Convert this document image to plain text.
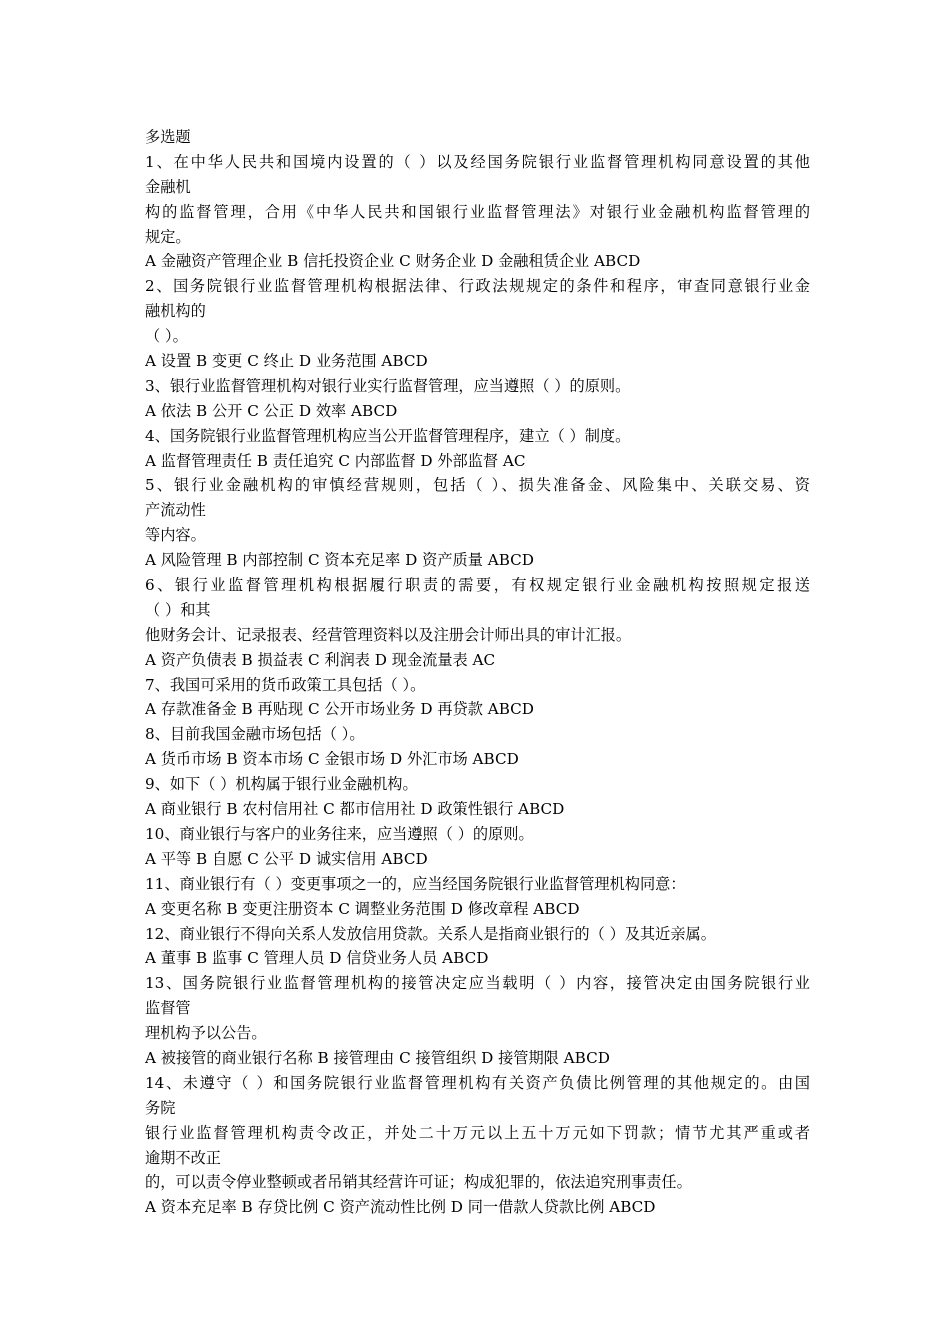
多选题
1、在中华人民共和国境内设置的（ ）以及经国务院银行业监督管理机构同意设置的其他
金融机
构的监督管理，合用《中华人民共和国银行业监督管理法》对银行业金融机构监督管理的
规定。
A 金融资产管理企业 B 信托投资企业 C 财务企业 D 金融租赁企业 ABCD
2、国务院银行业监督管理机构根据法律、行政法规规定的条件和程序，审查同意银行业金
融机构的
（ ）。
A 设置 B 变更 C 终止 D 业务范围 ABCD
3、银行业监督管理机构对银行业实行监督管理，应当遵照（ ）的原则。
A 依法 B 公开 C 公正 D 效率 ABCD
4、国务院银行业监督管理机构应当公开监督管理程序，建立（ ）制度。
A 监督管理责任 B 责任追究 C 内部监督 D 外部监督 AC
5、银行业金融机构的审慎经营规则，包括（ ）、损失准备金、风险集中、关联交易、资
产流动性
等内容。
A 风险管理 B 内部控制 C 资本充足率 D 资产质量 ABCD
6、银行业监督管理机构根据履行职责的需要，有权规定银行业金融机构按照规定报送
（ ）和其
他财务会计、记录报表、经营管理资料以及注册会计师出具的审计汇报。
A 资产负债表 B 损益表 C 利润表 D 现金流量表 AC
7、我国可采用的货币政策工具包括（ ）。
A 存款准备金 B 再贴现 C 公开市场业务 D 再贷款 ABCD
8、目前我国金融市场包括（ ）。
A 货币市场 B 资本市场 C 金银市场 D 外汇市场 ABCD
9、如下（ ）机构属于银行业金融机构。
A 商业银行 B 农村信用社 C 都市信用社 D 政策性银行 ABCD
10、商业银行与客户的业务往来，应当遵照（ ）的原则。
A 平等 B 自愿 C 公平 D 诚实信用 ABCD
11、商业银行有（ ）变更事项之一的，应当经国务院银行业监督管理机构同意：
A 变更名称 B 变更注册资本 C 调整业务范围 D 修改章程 ABCD
12、商业银行不得向关系人发放信用贷款。关系人是指商业银行的（ ）及其近亲属。
A 董事 B 监事 C 管理人员 D 信贷业务人员 ABCD
13、国务院银行业监督管理机构的接管决定应当载明（ ）内容，接管决定由国务院银行业
监督管
理机构予以公告。
A 被接管的商业银行名称 B 接管理由 C 接管组织 D 接管期限 ABCD
14、未遵守（ ）和国务院银行业监督管理机构有关资产负债比例管理的其他规定的。由国
务院
银行业监督管理机构责令改正，并处二十万元以上五十万元如下罚款；情节尤其严重或者
逾期不改正
的，可以责令停业整顿或者吊销其经营许可证；构成犯罪的，依法追究刑事责任。
A 资本充足率 B 存贷比例 C 资产流动性比例 D 同一借款人贷款比例 ABCD
